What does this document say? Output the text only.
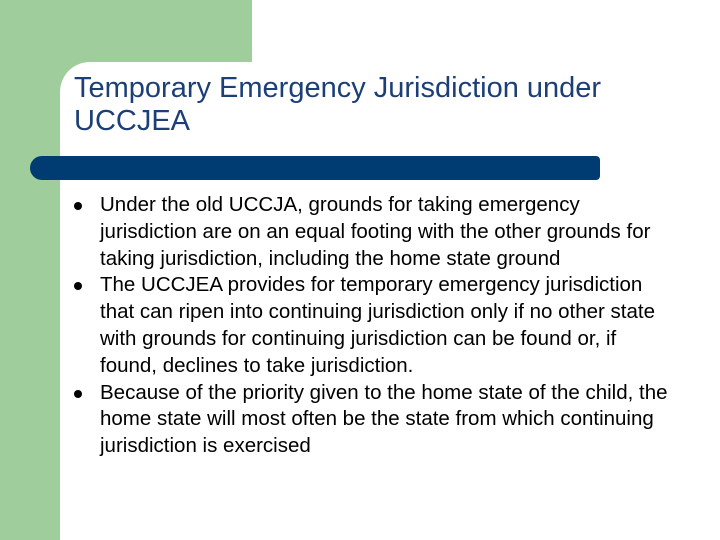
Temporary Emergency Jurisdiction under UCCJEA
Under the old UCCJA, grounds for taking emergency jurisdiction are on an equal footing with the other grounds for taking jurisdiction, including the home state ground
The UCCJEA provides for temporary emergency jurisdiction that can ripen into continuing jurisdiction only if no other state with grounds for continuing jurisdiction can be found or, if found, declines to take jurisdiction.
Because of the priority given to the home state of the child, the home state will most often be the state from which continuing jurisdiction is exercised
